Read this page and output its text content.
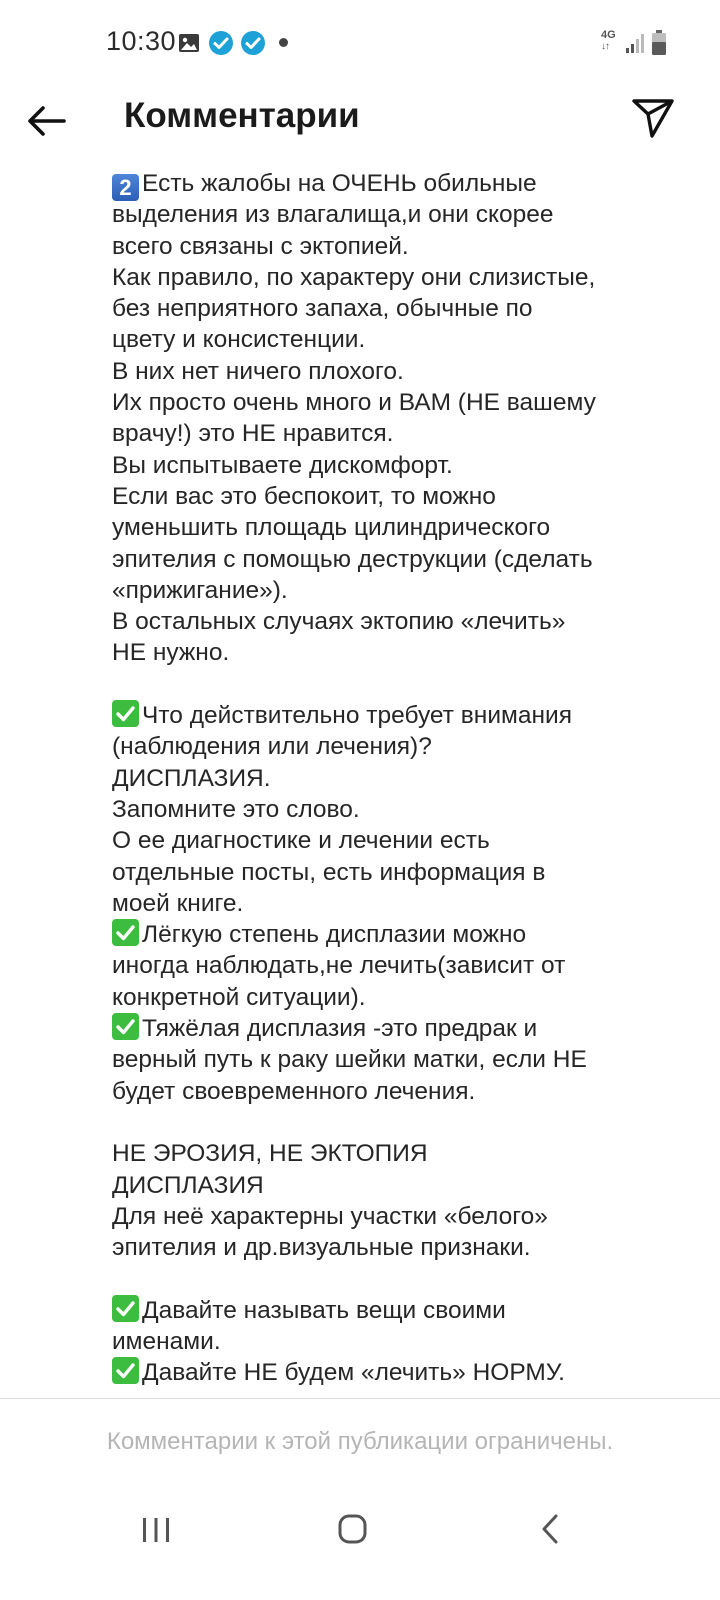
10:30	4G
↓↑
Комментарии
2 Есть жалобы на ОЧЕНЬ обильные
выделения из влагалища,и они скорее
всего связаны с эктопией.
Как правило, по характеру они слизистые,
без неприятного запаха, обычные по
цвету и консистенции.
В них нет ничего плохого.
Их просто очень много и ВАМ (НЕ вашему
врачу!) это НЕ нравится.
Вы испытываете дискомфорт.
Если вас это беспокоит, то можно
уменьшить площадь цилиндрического
эпителия с помощью деструкции (сделать
«прижигание»).
В остальных случаях эктопию «лечить»
НЕ нужно.
Что действительно требует внимания
(наблюдения или лечения)?
ДИСПЛАЗИЯ.
Запомните это слово.
О ее диагностике и лечении есть
отдельные посты, есть информация в
моей книге.
Лёгкую степень дисплазии можно
иногда наблюдать,не лечить(зависит от
конкретной ситуации).
Тяжёлая дисплазия -это предрак и
верный путь к раку шейки матки, если НЕ
будет своевременного лечения.
НЕ ЭРОЗИЯ, НЕ ЭКТОПИЯ
ДИСПЛАЗИЯ
Для неё характерны участки «белого»
эпителия и др.визуальные признаки.
Давайте называть вещи своими
именами.
Давайте НЕ будем «лечить» НОРМУ.
Комментарии к этой публикации ограничены.
